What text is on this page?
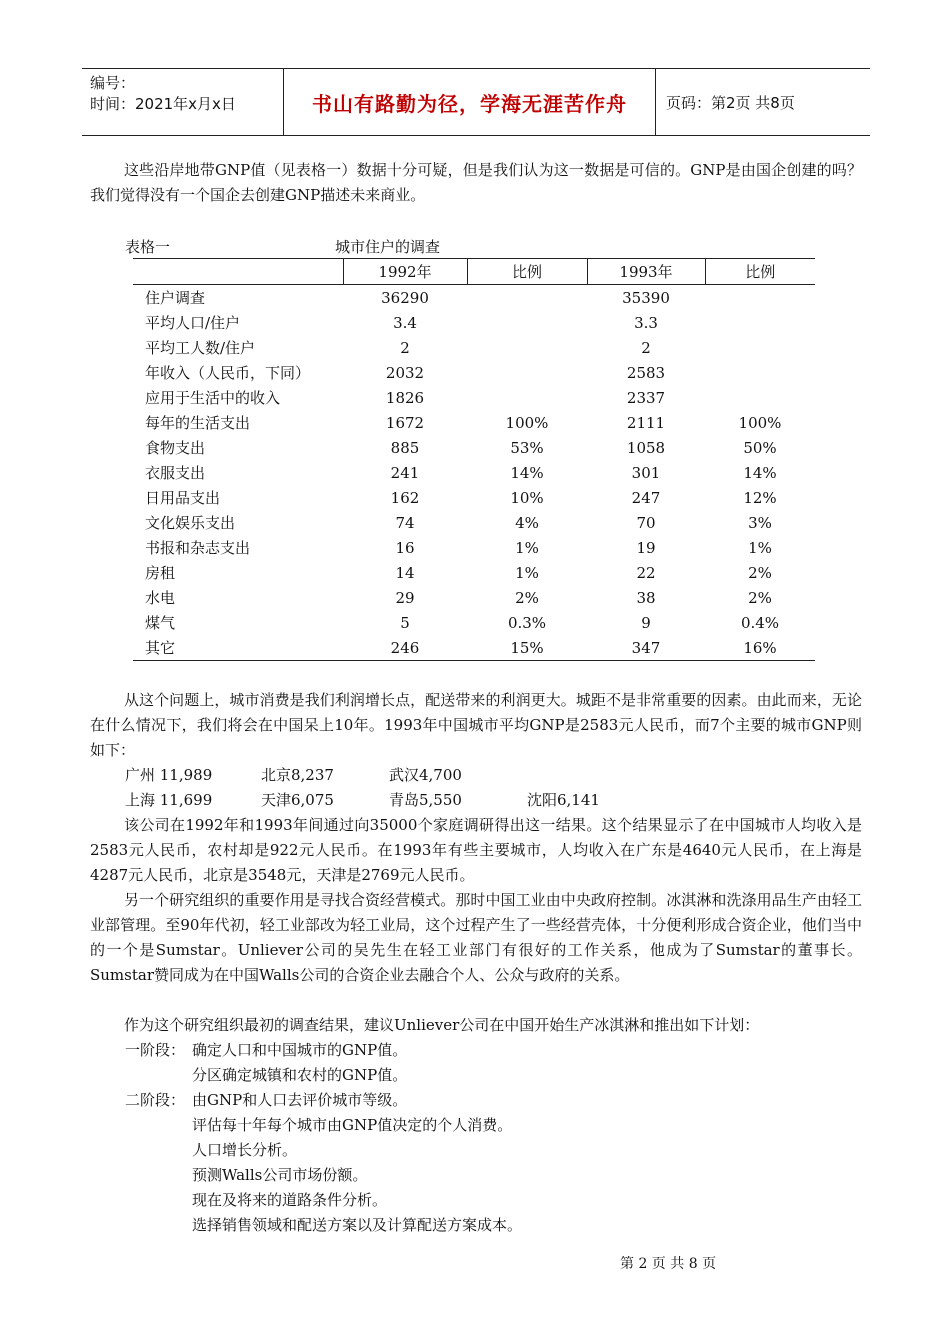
编号：
时间：2021年x月x日	书山有路勤为径，学海无涯苦作舟	页码：第2页 共8页

这些沿岸地带GNP值（见表格一）数据十分可疑，但是我们认为这一数据是可信的。GNP是由国企创建的吗？我们觉得没有一个国企去创建GNP描述未来商业。

表格一	城市住户的调查
	1992年	比例	1993年	比例
住户调查	36290		35390	
平均人口/住户	3.4		3.3	
平均工人数/住户	2		2	
年收入（人民币，下同）	2032		2583	
应用于生活中的收入	1826		2337	
每年的生活支出	1672	100%	2111	100%
食物支出	885	53%	1058	50%
衣服支出	241	14%	301	14%
日用品支出	162	10%	247	12%
文化娱乐支出	74	4%	70	3%
书报和杂志支出	16	1%	19	1%
房租	14	1%	22	2%
水电	29	2%	38	2%
煤气	5	0.3%	9	0.4%
其它	246	15%	347	16%

从这个问题上，城市消费是我们利润增长点，配送带来的利润更大。城距不是非常重要的因素。由此而来，无论在什么情况下，我们将会在中国呆上10年。1993年中国城市平均GNP是2583元人民币，而7个主要的城市GNP则如下：

广州 11,989	北京8,237	武汉4,700
上海 11,699	天津6,075	青岛5,550	沈阳6,141

该公司在1992年和1993年间通过向35000个家庭调研得出这一结果。这个结果显示了在中国城市人均收入是2583元人民币，农村却是922元人民币。在1993年有些主要城市，人均收入在广东是4640元人民币，在上海是4287元人民币，北京是3548元，天津是2769元人民币。

另一个研究组织的重要作用是寻找合资经营模式。那时中国工业由中央政府控制。冰淇淋和洗涤用品生产由轻工业部管理。至90年代初，轻工业部改为轻工业局，这个过程产生了一些经营壳体，十分便利形成合资企业，他们当中的一个是Sumstar。Unliever公司的吴先生在轻工业部门有很好的工作关系，他成为了Sumstar的董事长。Sumstar赞同成为在中国Walls公司的合资企业去融合个人、公众与政府的关系。

作为这个研究组织最初的调查结果，建议Unliever公司在中国开始生产冰淇淋和推出如下计划：

一阶段： 确定人口和中国城市的GNP值。
分区确定城镇和农村的GNP值。
二阶段： 由GNP和人口去评价城市等级。
评估每十年每个城市由GNP值决定的个人消费。
人口增长分析。
预测Walls公司市场份额。
现在及将来的道路条件分析。
选择销售领域和配送方案以及计算配送方案成本。
第 2 页 共 8 页
